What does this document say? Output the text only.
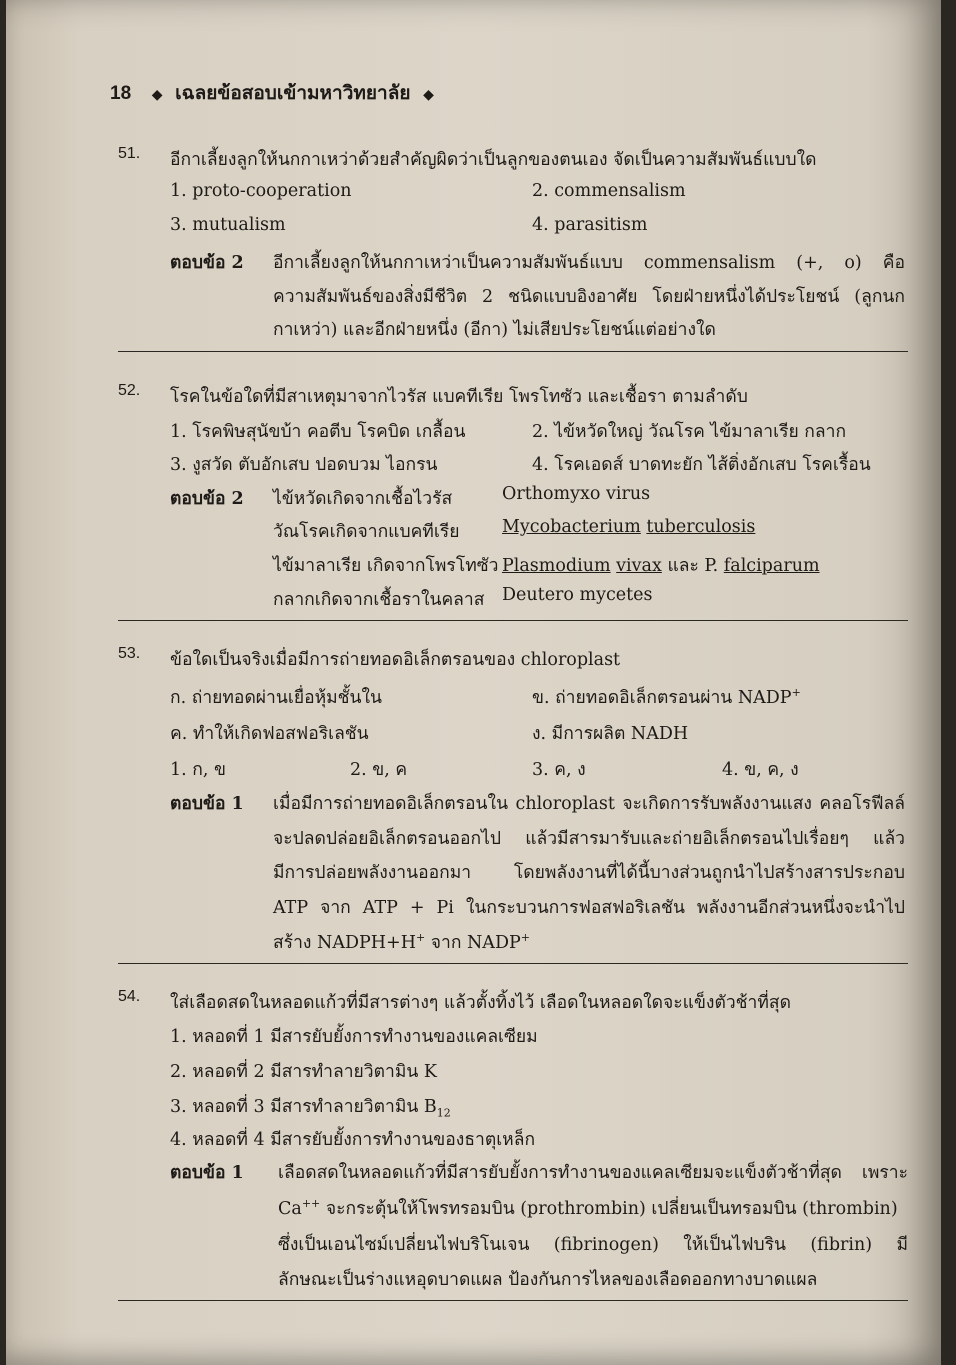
18 ◆ เฉลยข้อสอบเข้ามหาวิทยาลัย ◆
51. อีกาเลี้ยงลูกให้นกกาเหว่าด้วยสำคัญผิดว่าเป็นลูกของตนเอง จัดเป็นความสัมพันธ์แบบใด
1. proto-cooperation	2. commensalism
3. mutualism	4. parasitism
ตอบข้อ 2 อีกาเลี้ยงลูกให้นกกาเหว่าเป็นความสัมพันธ์แบบ commensalism (+, o) คือ
ความสัมพันธ์ของสิ่งมีชีวิต 2 ชนิดแบบอิงอาศัย โดยฝ่ายหนึ่งได้ประโยชน์ (ลูกนก
กาเหว่า) และอีกฝ่ายหนึ่ง (อีกา) ไม่เสียประโยชน์แต่อย่างใด
52. โรคในข้อใดที่มีสาเหตุมาจากไวรัส แบคทีเรีย โพรโทซัว และเชื้อรา ตามลำดับ
1. โรคพิษสุนัขบ้า คอตีบ โรคบิด เกลื้อน	2. ไข้หวัดใหญ่ วัณโรค ไข้มาลาเรีย กลาก
3. งูสวัด ตับอักเสบ ปอดบวม ไอกรน	4. โรคเอดส์ บาดทะยัก ไส้ติ่งอักเสบ โรคเรื้อน
ตอบข้อ 2 ไข้หวัดเกิดจากเชื้อไวรัส	Orthomyxo virus
วัณโรคเกิดจากแบคทีเรีย Mycobacterium tuberculosis
ไข้มาลาเรีย เกิดจากโพรโทซัว Plasmodium vivax และ P. falciparum
กลากเกิดจากเชื้อราในคลาส Deutero mycetes
53. ข้อใดเป็นจริงเมื่อมีการถ่ายทอดอิเล็กตรอนของ chloroplast
ก. ถ่ายทอดผ่านเยื่อหุ้มชั้นใน	ข. ถ่ายทอดอิเล็กตรอนผ่าน NADP+
ค. ทำให้เกิดฟอสฟอริเลชัน	ง. มีการผลิต NADH
1. ก, ข	2. ข, ค	3. ค, ง	4. ข, ค, ง
ตอบข้อ 1 เมื่อมีการถ่ายทอดอิเล็กตรอนใน chloroplast จะเกิดการรับพลังงานแสง คลอโรฟีลล์
จะปลดปล่อยอิเล็กตรอนออกไป แล้วมีสารมารับและถ่ายอิเล็กตรอนไปเรื่อยๆ แล้ว
มีการปล่อยพลังงานออกมา โดยพลังงานที่ได้นี้บางส่วนถูกนำไปสร้างสารประกอบ
ATP จาก ATP + Pi ในกระบวนการฟอสฟอริเลชัน พลังงานอีกส่วนหนึ่งจะนำไป
สร้าง NADPH+H+ จาก NADP+
54. ใส่เลือดสดในหลอดแก้วที่มีสารต่างๆ แล้วตั้งทิ้งไว้ เลือดในหลอดใดจะแข็งตัวช้าที่สุด
1. หลอดที่ 1 มีสารยับยั้งการทำงานของแคลเซียม
2. หลอดที่ 2 มีสารทำลายวิตามิน K
3. หลอดที่ 3 มีสารทำลายวิตามิน $B_{12}$
4. หลอดที่ 4 มีสารยับยั้งการทำงานของธาตุเหล็ก
ตอบข้อ 1 เลือดสดในหลอดแก้วที่มีสารยับยั้งการทำงานของแคลเซียมจะแข็งตัวช้าที่สุด เพราะ
Ca++ จะกระตุ้นให้โพรทรอมบิน (prothrombin) เปลี่ยนเป็นทรอมบิน (thrombin)
ซึ่งเป็นเอนไซม์เปลี่ยนไฟบริโนเจน (fibrinogen) ให้เป็นไฟบริน (fibrin) มี
ลักษณะเป็นร่างแหอุดบาดแผล ป้องกันการไหลของเลือดออกทางบาดแผล
